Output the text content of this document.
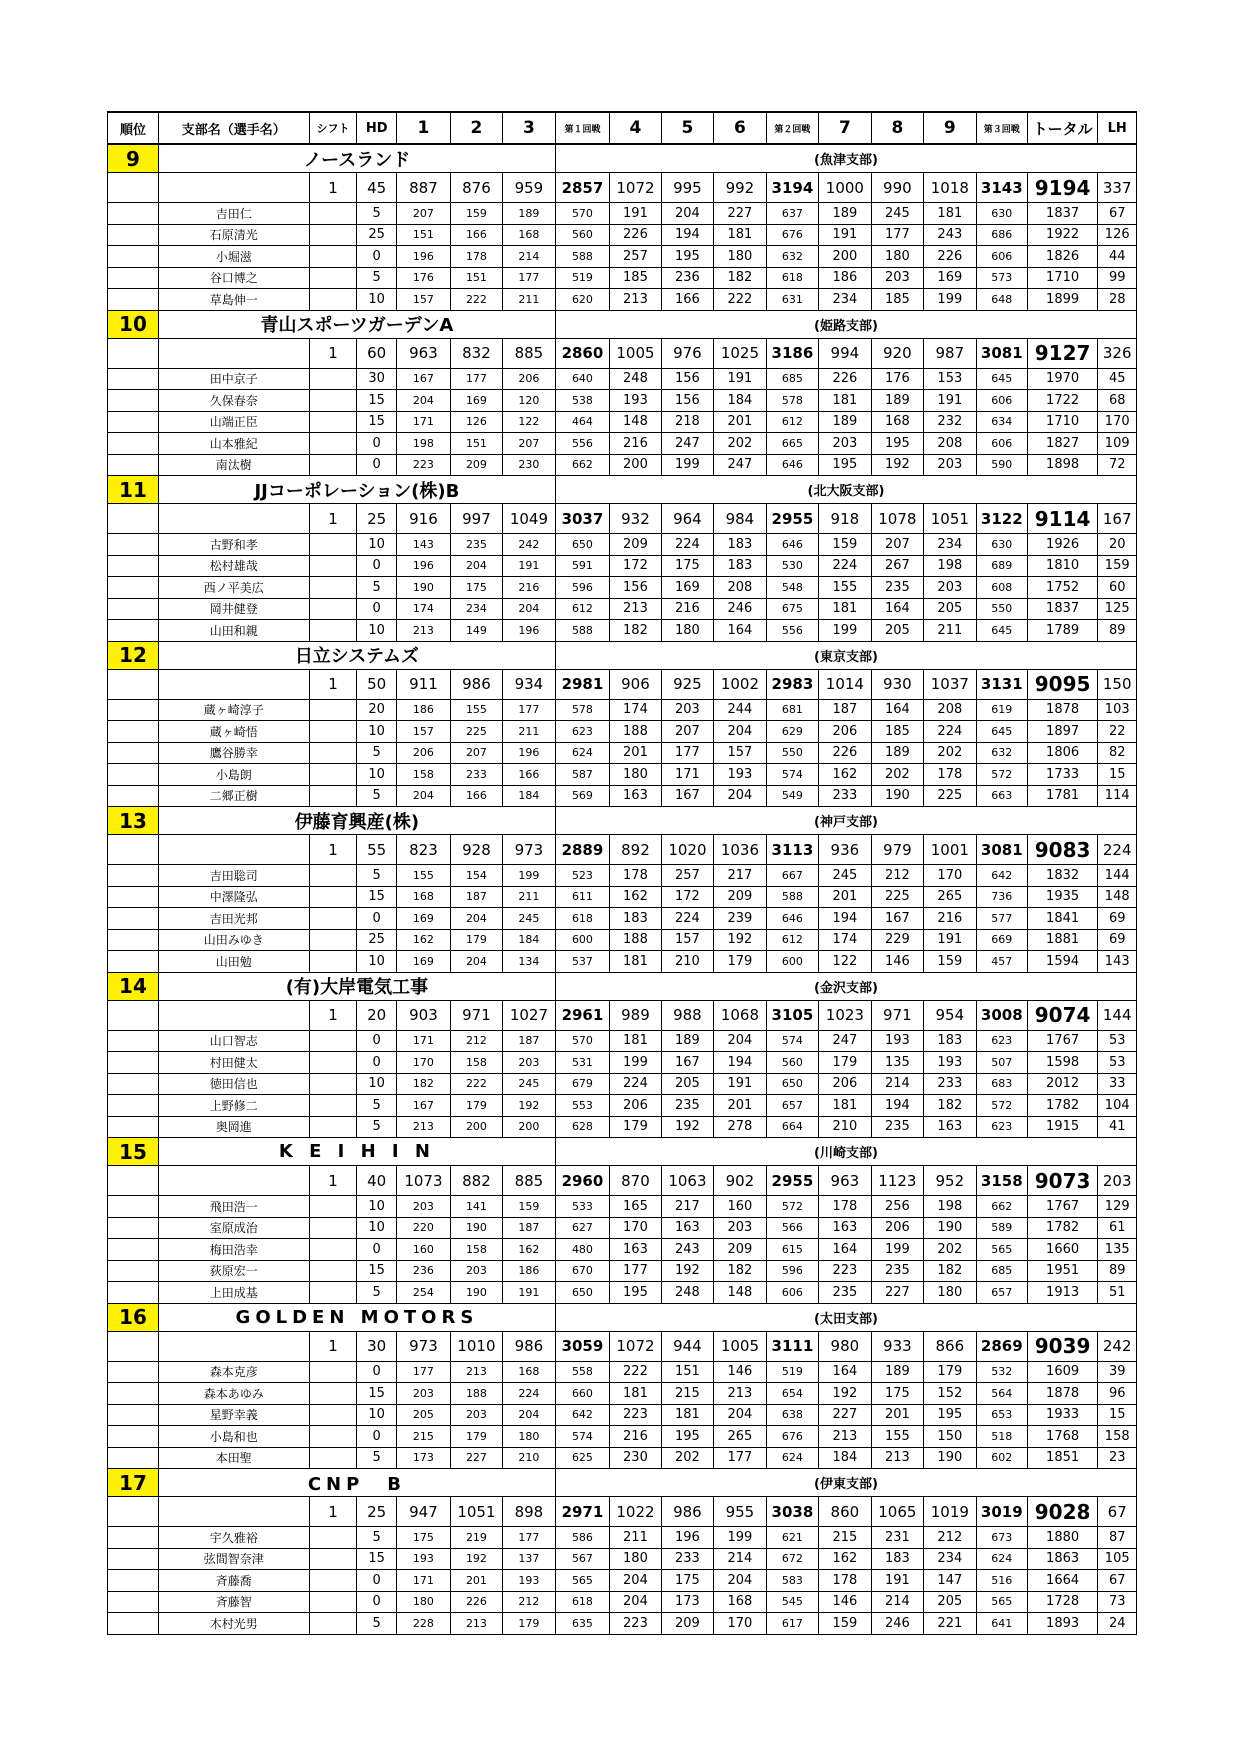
順位	支部名（選手名）	シフト	HD	1	2	3	第１回戦	4	5	6	第２回戦	7	8	9	第３回戦	トータル	LH
9	ノースランド						(魚津支部)										
		1	45	887	876	959	2857	1072	995	992	3194	1000	990	1018	3143	9194	337
	吉田仁		5	207	159	189	570	191	204	227	637	189	245	181	630	1837	67
	石原清光		25	151	166	168	560	226	194	181	676	191	177	243	686	1922	126
	小堀滋		0	196	178	214	588	257	195	180	632	200	180	226	606	1826	44
	谷口博之		5	176	151	177	519	185	236	182	618	186	203	169	573	1710	99
	草島伸一		10	157	222	211	620	213	166	222	631	234	185	199	648	1899	28
10	青山スポーツガーデンA						(姫路支部)										
		1	60	963	832	885	2860	1005	976	1025	3186	994	920	987	3081	9127	326
	田中京子		30	167	177	206	640	248	156	191	685	226	176	153	645	1970	45
	久保春奈		15	204	169	120	538	193	156	184	578	181	189	191	606	1722	68
	山端正臣		15	171	126	122	464	148	218	201	612	189	168	232	634	1710	170
	山本雅紀		0	198	151	207	556	216	247	202	665	203	195	208	606	1827	109
	南汰樹		0	223	209	230	662	200	199	247	646	195	192	203	590	1898	72
11	JJコーポレーション(株)B						(北大阪支部)										
		1	25	916	997	1049	3037	932	964	984	2955	918	1078	1051	3122	9114	167
	古野和孝		10	143	235	242	650	209	224	183	646	159	207	234	630	1926	20
	松村雄哉		0	196	204	191	591	172	175	183	530	224	267	198	689	1810	159
	西ノ平美広		5	190	175	216	596	156	169	208	548	155	235	203	608	1752	60
	岡井健登		0	174	234	204	612	213	216	246	675	181	164	205	550	1837	125
	山田和親		10	213	149	196	588	182	180	164	556	199	205	211	645	1789	89
12	日立システムズ						(東京支部)										
		1	50	911	986	934	2981	906	925	1002	2983	1014	930	1037	3131	9095	150
	蔵ヶ崎淳子		20	186	155	177	578	174	203	244	681	187	164	208	619	1878	103
	蔵ヶ崎悟		10	157	225	211	623	188	207	204	629	206	185	224	645	1897	22
	鷹谷勝幸		5	206	207	196	624	201	177	157	550	226	189	202	632	1806	82
	小島朗		10	158	233	166	587	180	171	193	574	162	202	178	572	1733	15
	二郷正樹		5	204	166	184	569	163	167	204	549	233	190	225	663	1781	114
13	伊藤育興産(株)						(神戸支部)										
		1	55	823	928	973	2889	892	1020	1036	3113	936	979	1001	3081	9083	224
	吉田聡司		5	155	154	199	523	178	257	217	667	245	212	170	642	1832	144
	中澤隆弘		15	168	187	211	611	162	172	209	588	201	225	265	736	1935	148
	吉田光邦		0	169	204	245	618	183	224	239	646	194	167	216	577	1841	69
	山田みゆき		25	162	179	184	600	188	157	192	612	174	229	191	669	1881	69
	山田勉		10	169	204	134	537	181	210	179	600	122	146	159	457	1594	143
14	(有)大岸電気工事						(金沢支部)										
		1	20	903	971	1027	2961	989	988	1068	3105	1023	971	954	3008	9074	144
	山口智志		0	171	212	187	570	181	189	204	574	247	193	183	623	1767	53
	村田健太		0	170	158	203	531	199	167	194	560	179	135	193	507	1598	53
	徳田信也		10	182	222	245	679	224	205	191	650	206	214	233	683	2012	33
	上野修二		5	167	179	192	553	206	235	201	657	181	194	182	572	1782	104
	奥岡進		5	213	200	200	628	179	192	278	664	210	235	163	623	1915	41
15	K E I H I N						(川崎支部)										
		1	40	1073	882	885	2960	870	1063	902	2955	963	1123	952	3158	9073	203
	飛田浩一		10	203	141	159	533	165	217	160	572	178	256	198	662	1767	129
	室原成治		10	220	190	187	627	170	163	203	566	163	206	190	589	1782	61
	梅田浩幸		0	160	158	162	480	163	243	209	615	164	199	202	565	1660	135
	荻原宏一		15	236	203	186	670	177	192	182	596	223	235	182	685	1951	89
	上田成基		5	254	190	191	650	195	248	148	606	235	227	180	657	1913	51
16	GOLDEN MOTORS						(太田支部)										
		1	30	973	1010	986	3059	1072	944	1005	3111	980	933	866	2869	9039	242
	森本克彦		0	177	213	168	558	222	151	146	519	164	189	179	532	1609	39
	森本あゆみ		15	203	188	224	660	181	215	213	654	192	175	152	564	1878	96
	星野幸義		10	205	203	204	642	223	181	204	638	227	201	195	653	1933	15
	小島和也		0	215	179	180	574	216	195	265	676	213	155	150	518	1768	158
	本田聖		5	173	227	210	625	230	202	177	624	184	213	190	602	1851	23
17	CNP　B						(伊東支部)										
		1	25	947	1051	898	2971	1022	986	955	3038	860	1065	1019	3019	9028	67
	宇久雅裕		5	175	219	177	586	211	196	199	621	215	231	212	673	1880	87
	弦間智奈津		15	193	192	137	567	180	233	214	672	162	183	234	624	1863	105
	斉藤喬		0	171	201	193	565	204	175	204	583	178	191	147	516	1664	67
	斉藤智		0	180	226	212	618	204	173	168	545	146	214	205	565	1728	73
	木村光男		5	228	213	179	635	223	209	170	617	159	246	221	641	1893	24
